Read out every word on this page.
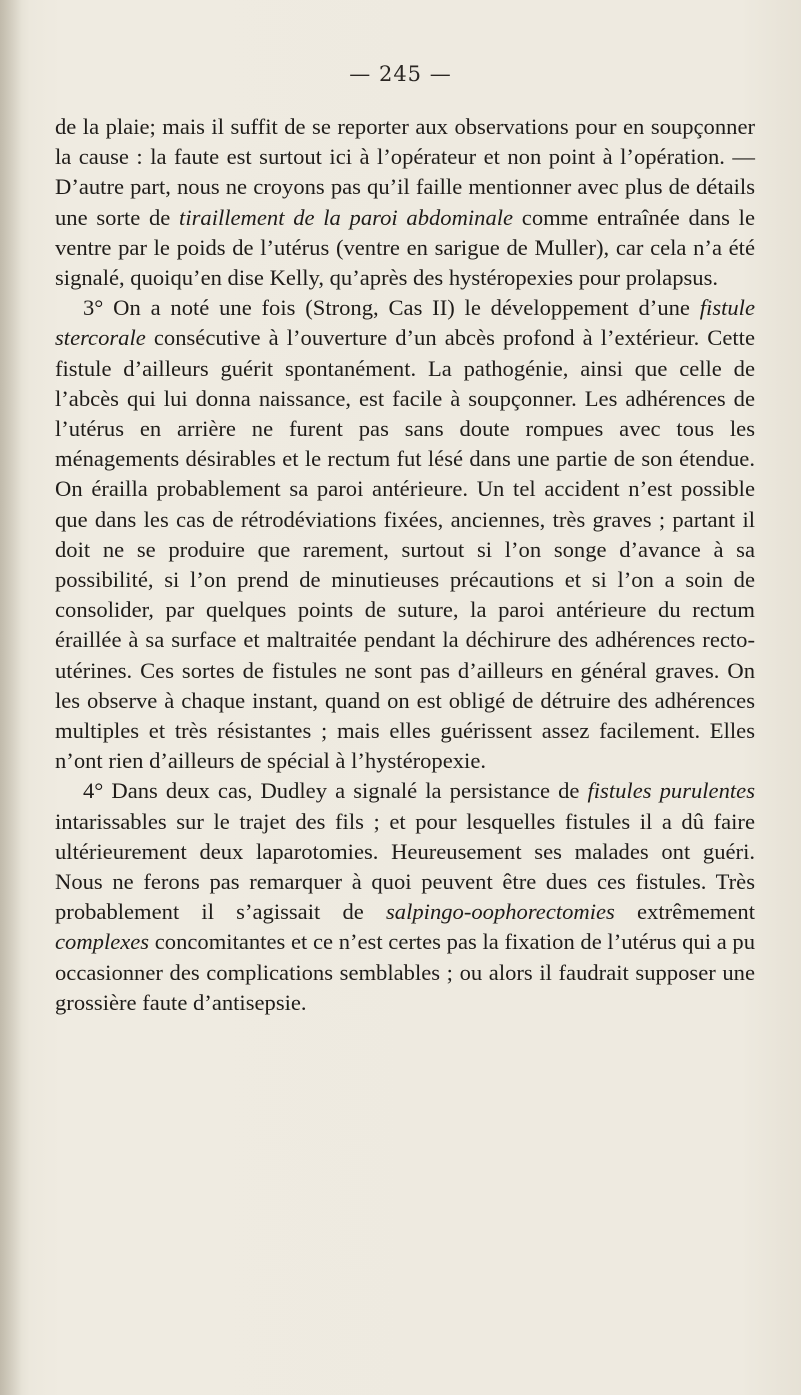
— 245 —

de la plaie; mais il suffit de se reporter aux observations pour en soupçonner la cause : la faute est surtout ici à l’opérateur et non point à l’opération. — D’autre part, nous ne croyons pas qu’il faille mentionner avec plus de détails une sorte de tiraillement de la paroi abdominale comme entraînée dans le ventre par le poids de l’utérus (ventre en sarigue de Muller), car cela n’a été signalé, quoiqu’en dise Kelly, qu’après des hystéropexies pour prolapsus.

3° On a noté une fois (Strong, Cas II) le développement d’une fistule stercorale consécutive à l’ouverture d’un abcès profond à l’extérieur. Cette fistule d’ailleurs guérit spontanément. La pathogénie, ainsi que celle de l’abcès qui lui donna naissance, est facile à soupçonner. Les adhérences de l’utérus en arrière ne furent pas sans doute rompues avec tous les ménagements désirables et le rectum fut lésé dans une partie de son étendue. On érailla probablement sa paroi antérieure. Un tel accident n’est possible que dans les cas de rétrodéviations fixées, anciennes, très graves ; partant il doit ne se produire que rarement, surtout si l’on songe d’avance à sa possibilité, si l’on prend de minutieuses précautions et si l’on a soin de consolider, par quelques points de suture, la paroi antérieure du rectum éraillée à sa surface et maltraitée pendant la déchirure des adhérences recto-utérines. Ces sortes de fistules ne sont pas d’ailleurs en général graves. On les observe à chaque instant, quand on est obligé de détruire des adhérences multiples et très résistantes ; mais elles guérissent assez facilement. Elles n’ont rien d’ailleurs de spécial à l’hystéropexie.

4° Dans deux cas, Dudley a signalé la persistance de fistules purulentes intarissables sur le trajet des fils ; et pour lesquelles fistules il a dû faire ultérieurement deux laparotomies. Heureusement ses malades ont guéri. Nous ne ferons pas remarquer à quoi peuvent être dues ces fistules. Très probablement il s’agissait de salpingo-oophorectomies extrêmement complexes concomitantes et ce n’est certes pas la fixation de l’utérus qui a pu occasionner des complications semblables ; ou alors il faudrait supposer une grossière faute d’antisepsie.
